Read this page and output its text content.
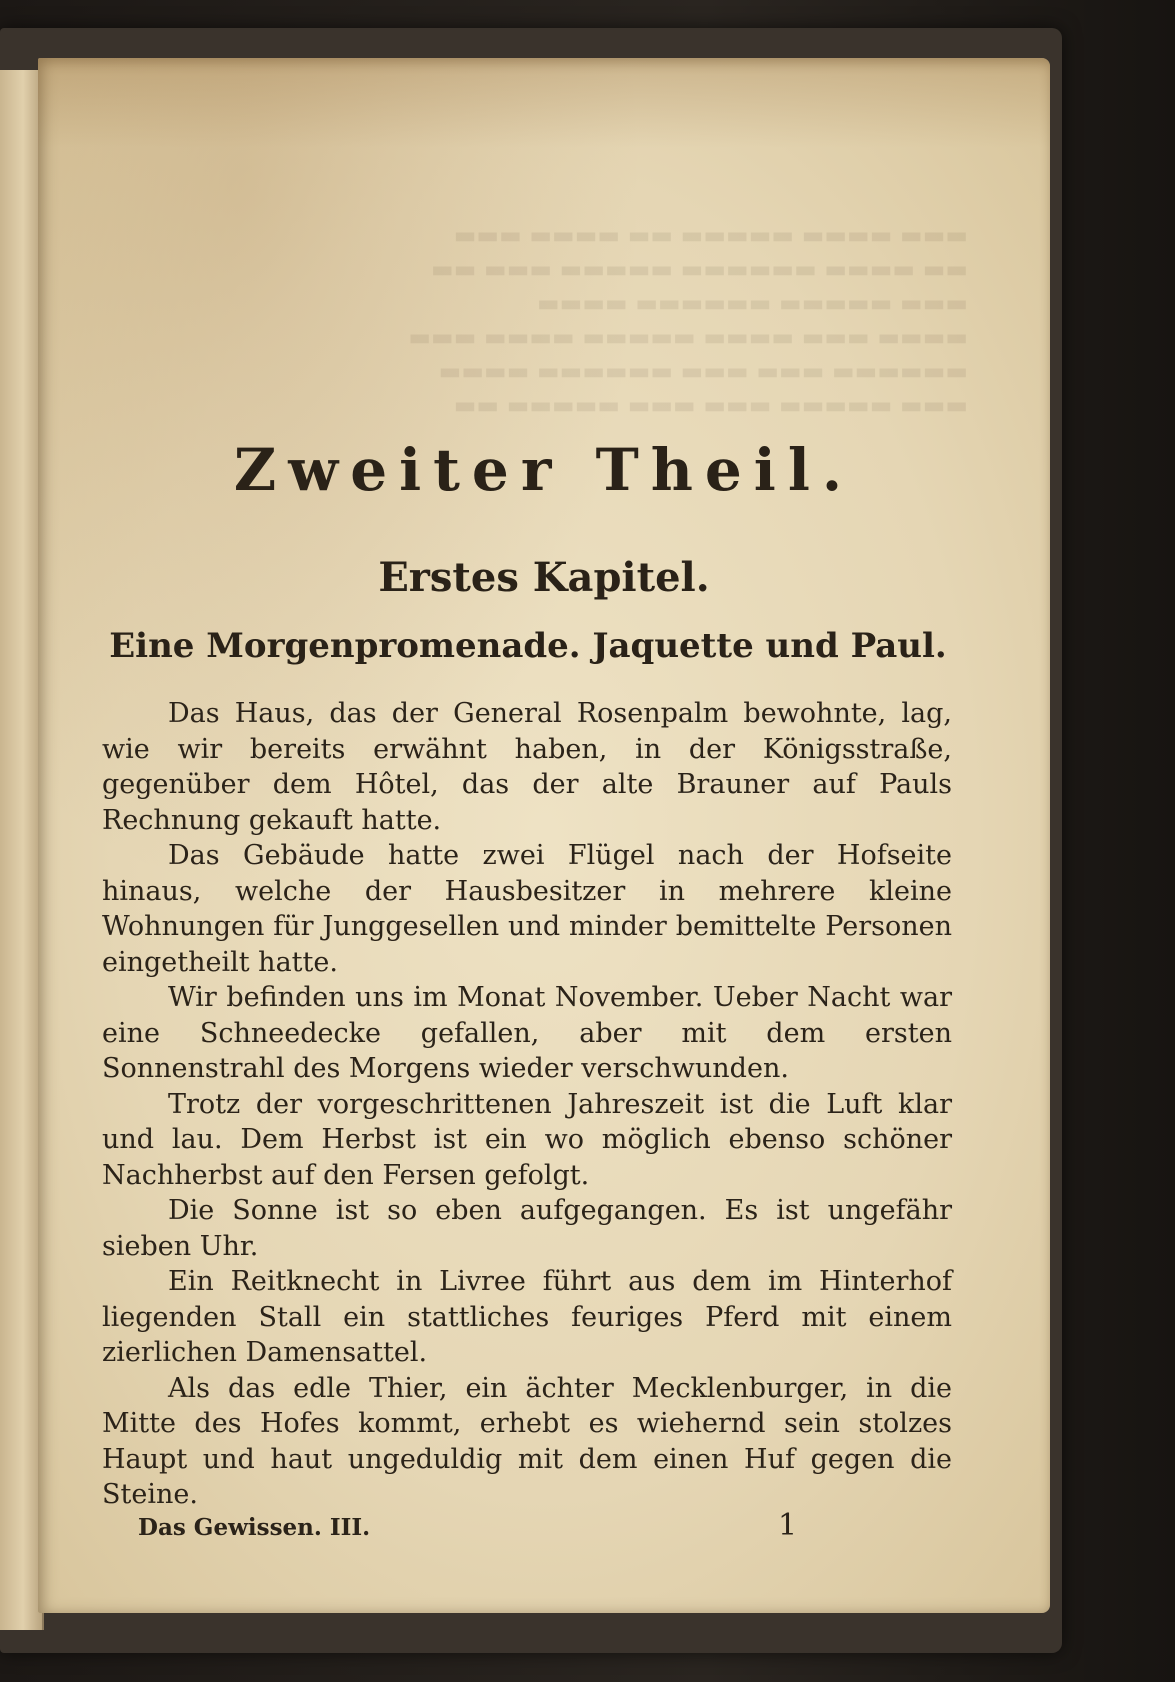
▬▬▬ ▬▬▬▬ ▬▬▬▬▬ ▬▬ ▬▬▬▬ ▬▬▬
▬▬ ▬▬▬▬ ▬▬▬▬▬▬ ▬▬▬▬▬ ▬▬▬ ▬▬
▬▬▬ ▬▬▬▬▬ ▬▬▬▬▬▬ ▬▬▬▬
▬▬▬▬ ▬▬▬ ▬▬▬▬ ▬▬▬▬▬ ▬▬▬▬ ▬▬▬
▬▬▬▬▬▬ ▬▬▬ ▬▬▬ ▬▬▬▬▬▬ ▬▬▬▬
▬▬▬ ▬▬▬▬▬ ▬▬▬ ▬▬▬ ▬▬▬▬▬ ▬▬
Zweiter Theil.
Erstes Kapitel.
Eine Morgenpromenade. Jaquette und Paul.

Das Haus, das der General Rosenpalm bewohnte, lag, wie wir bereits erwähnt haben, in der Königsstraße, gegenüber dem Hôtel, das der alte Brauner auf Pauls Rechnung gekauft hatte.

Das Gebäude hatte zwei Flügel nach der Hofseite hinaus, welche der Hausbesitzer in mehrere kleine Wohnungen für Junggesellen und minder bemittelte Personen eingetheilt hatte.

Wir befinden uns im Monat November. Ueber Nacht war eine Schneedecke gefallen, aber mit dem ersten Sonnenstrahl des Morgens wieder verschwunden.

Trotz der vorgeschrittenen Jahreszeit ist die Luft klar und lau. Dem Herbst ist ein wo möglich ebenso schöner Nachherbst auf den Fersen gefolgt.

Die Sonne ist so eben aufgegangen. Es ist ungefähr sieben Uhr.

Ein Reitknecht in Livree führt aus dem im Hinterhof liegenden Stall ein stattliches feuriges Pferd mit einem zierlichen Damensattel.

Als das edle Thier, ein ächter Mecklenburger, in die Mitte des Hofes kommt, erhebt es wiehernd sein stolzes Haupt und haut ungeduldig mit dem einen Huf gegen die Steine.

Das Gewissen. III.	1
